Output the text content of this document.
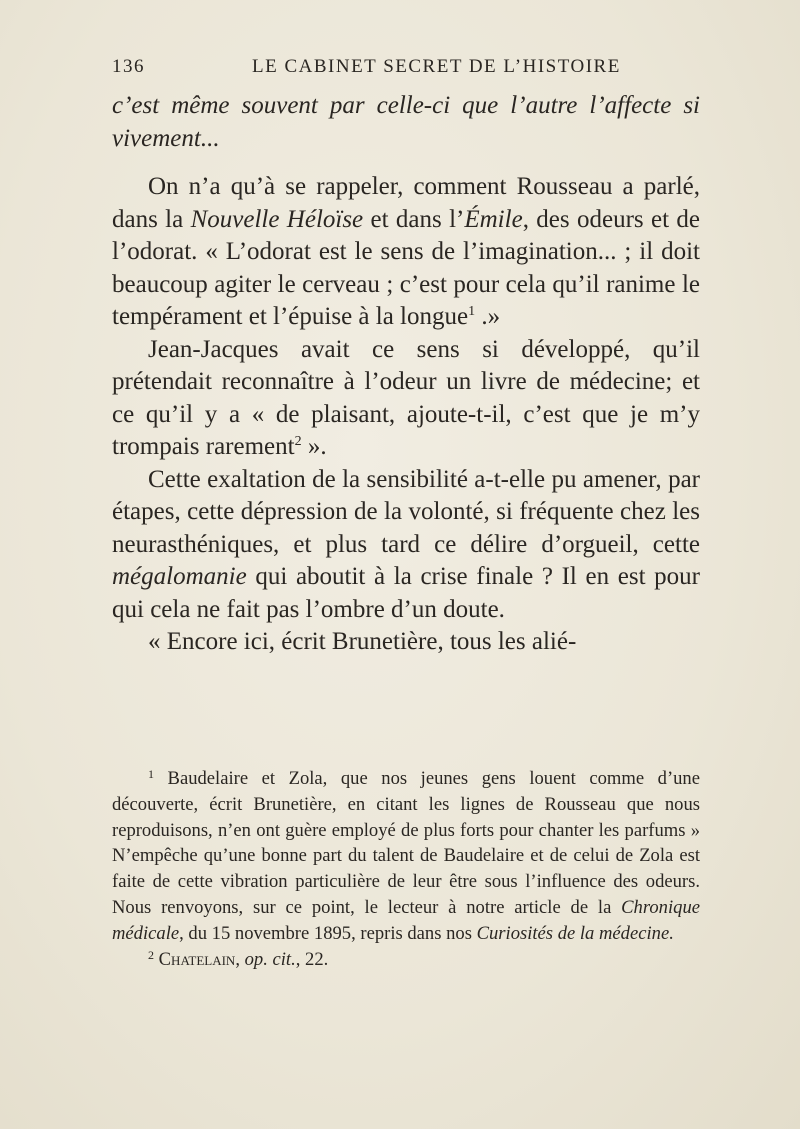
136	LE CABINET SECRET DE L’HISTOIRE

c’est même souvent par celle-ci que l’autre l’affecte si vivement...

On n’a qu’à se rappeler, comment Rousseau a parlé, dans la Nouvelle Héloïse et dans l’Émile, des odeurs et de l’odorat. « L’odorat est le sens de l’imagination... ; il doit beaucoup agiter le cerveau ; c’est pour cela qu’il ranime le tempérament et l’épuise à la longue$^1$ .»

Jean-Jacques avait ce sens si développé, qu’il prétendait reconnaître à l’odeur un livre de médecine; et ce qu’il y a « de plaisant, ajoute-t-il, c’est que je m’y trompais rarement$^2$ ».

Cette exaltation de la sensibilité a-t-elle pu amener, par étapes, cette dépression de la volonté, si fréquente chez les neurasthéniques, et plus tard ce délire d’orgueil, cette mégalomanie qui aboutit à la crise finale ? Il en est pour qui cela ne fait pas l’ombre d’un doute.

« Encore ici, écrit Brunetière, tous les alié-

$^1$ Baudelaire et Zola, que nos jeunes gens louent comme d’une découverte, écrit Brunetière, en citant les lignes de Rousseau que nous reproduisons, n’en ont guère employé de plus forts pour chanter les parfums » N’empêche qu’une bonne part du talent de Baudelaire et de celui de Zola est faite de cette vibration particulière de leur être sous l’influence des odeurs. Nous renvoyons, sur ce point, le lecteur à notre article de la Chronique médicale, du 15 novembre 1895, repris dans nos Curiosités de la médecine.

$^2$ Chatelain, op. cit., 22.
